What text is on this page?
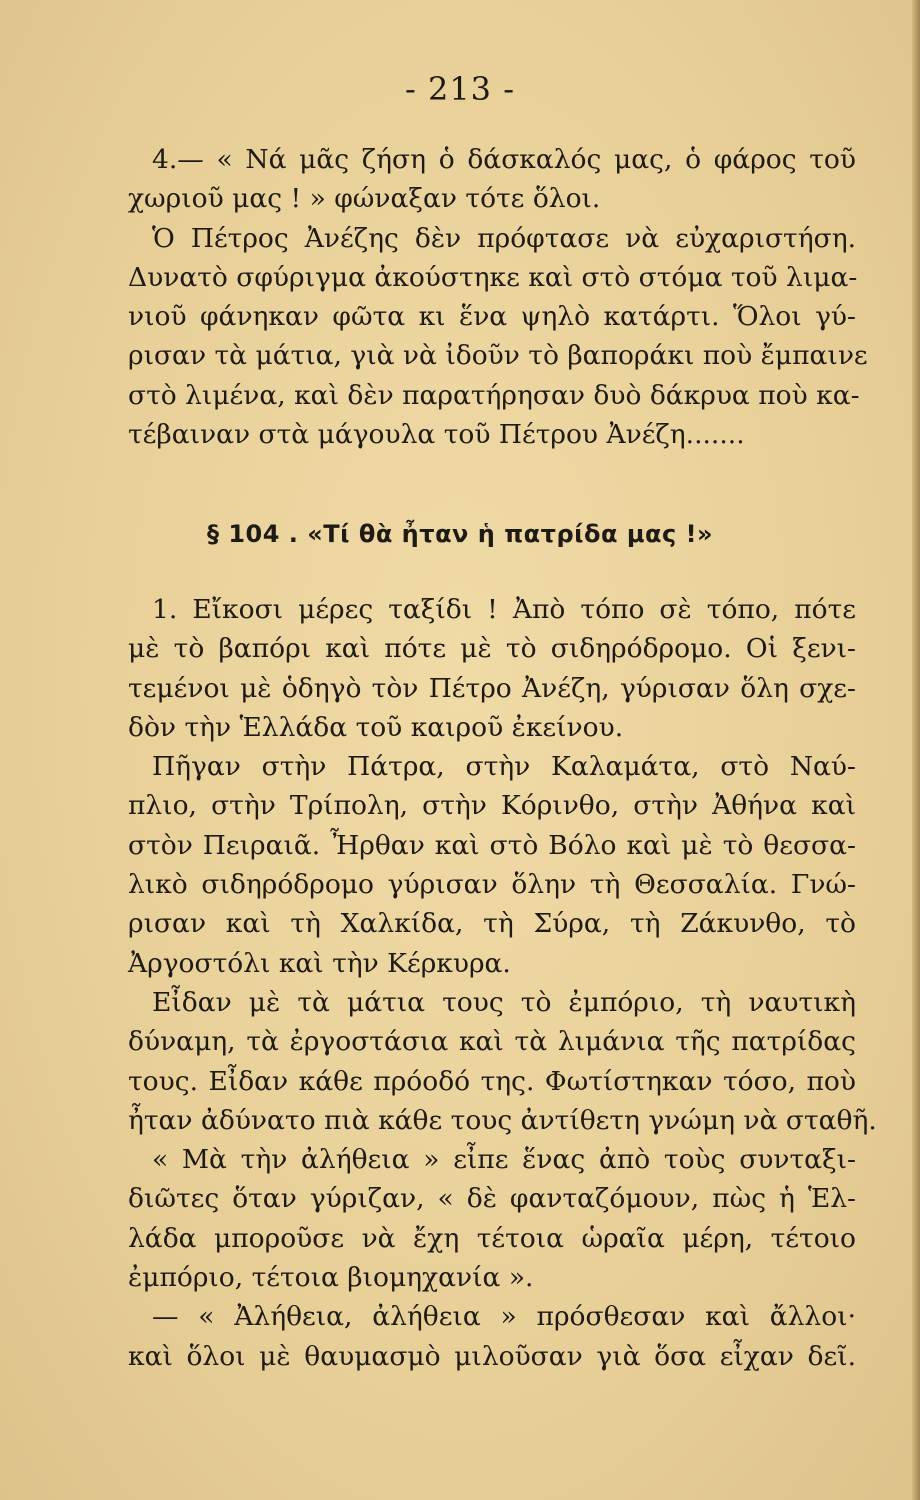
- 213 -
4.— « Νά μᾶς ζήση ὁ δάσκαλός μας, ὁ φάρος τοῦ
χωριοῦ μας ! » φώναξαν τότε ὅλοι.
Ὁ Πέτρος Ἀνέζης δὲν πρόφτασε νὰ εὐχαριστήση.
Δυνατὸ σφύριγμα ἀκούστηκε καὶ στὸ στόμα τοῦ λιμα-
νιοῦ φάνηκαν φῶτα κι ἕνα ψηλὸ κατάρτι. Ὅλοι γύ-
ρισαν τὰ μάτια, γιὰ νὰ ἰδοῦν τὸ βαποράκι ποὺ ἔμπαινε
στὸ λιμένα, καὶ δὲν παρατήρησαν δυὸ δάκρυα ποὺ κα-
τέβαιναν στὰ μάγουλα τοῦ Πέτρου Ἀνέζη.......
§ 104 . «Τί θὰ ἦταν ἡ πατρίδα μας !»
1. Εἴκοσι μέρες ταξίδι ! Ἀπὸ τόπο σὲ τόπο, πότε
μὲ τὸ βαπόρι καὶ πότε μὲ τὸ σιδηρόδρομο. Οἱ ξενι-
τεμένοι μὲ ὁδηγὸ τὸν Πέτρο Ἀνέζη, γύρισαν ὅλη σχε-
δὸν τὴν Ἑλλάδα τοῦ καιροῦ ἐκείνου.
Πῆγαν στὴν Πάτρα, στὴν Καλαμάτα, στὸ Ναύ-
πλιο, στὴν Τρίπολη, στὴν Κόρινθο, στὴν Ἀθήνα καὶ
στὸν Πειραιᾶ. Ἦρθαν καὶ στὸ Βόλο καὶ μὲ τὸ θεσσα-
λικὸ σιδηρόδρομο γύρισαν ὅλην τὴ Θεσσαλία. Γνώ-
ρισαν καὶ τὴ Χαλκίδα, τὴ Σύρα, τὴ Ζάκυνθο, τὸ
Ἀργοστόλι καὶ τὴν Κέρκυρα.
Εἶδαν μὲ τὰ μάτια τους τὸ ἐμπόριο, τὴ ναυτικὴ
δύναμη, τὰ ἐργοστάσια καὶ τὰ λιμάνια τῆς πατρίδας
τους. Εἶδαν κάθε πρόοδό της. Φωτίστηκαν τόσο, ποὺ
ἦταν ἀδύνατο πιὰ κάθε τους ἀντίθετη γνώμη νὰ σταθῆ.
« Μὰ τὴν ἀλήθεια » εἶπε ἕνας ἀπὸ τοὺς συνταξι-
διῶτες ὅταν γύριζαν, « δὲ φανταζόμουν, πὼς ἡ Ἑλ-
λάδα μποροῦσε νὰ ἔχη τέτοια ὡραῖα μέρη, τέτοιο
ἐμπόριο, τέτοια βιομηχανία ».
— « Ἀλήθεια, ἀλήθεια » πρόσθεσαν καὶ ἄλλοι·
καὶ ὅλοι μὲ θαυμασμὸ μιλοῦσαν γιὰ ὅσα εἶχαν δεῖ.
